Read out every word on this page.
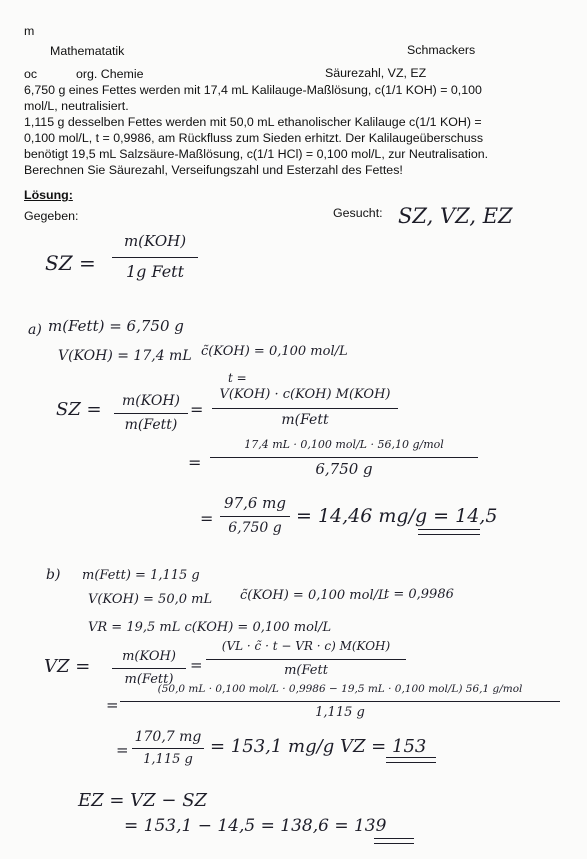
m
Mathematatik	Schmackers
oc	org. Chemie	Säurezahl, VZ, EZ
6,750 g eines Fettes werden mit 17,4 mL Kalilauge-Maßlösung, c(1/1 KOH) = 0,100
mol/L, neutralisiert.
1,115 g desselben Fettes werden mit 50,0 mL ethanolischer Kalilauge c(1/1 KOH) =
0,100 mol/L, t = 0,9986, am Rückfluss zum Sieden erhitzt. Der Kalilaugeüberschuss
benötigt 19,5 mL Salzsäure-Maßlösung, c(1/1 HCl) = 0,100 mol/L, zur Neutralisation.
Berechnen Sie Säurezahl, Verseifungszahl und Esterzahl des Fettes!
Lösung:
Gegeben:	Gesucht: SZ, VZ, EZ
SZ =
m(KOH)
1g Fett
a) m(Fett) = 6,750 g
V(KOH) = 17,4 mL c̃(KOH) = 0,100 mol/L
t =
SZ =	m(KOH)
m(Fett)
=
V(KOH) · c(KOH) M(KOH)
m(Fett
=
17,4 mL · 0,100 mol/L · 56,10 g/mol
6,750 g
=
97,6 mg
6,750 g
= 14,46 mg/g = 14,5
b) m(Fett) = 1,115 g
V(KOH) = 50,0 mL c̃(KOH) = 0,100 mol/L
t = 0,9986
VR = 19,5 mL c(KOH) = 0,100 mol/L
VZ =	m(KOH)
m(Fett)
=
(VL · c̃ · t − VR · c) M(KOH)
m(Fett
=
(50,0 mL · 0,100 mol/L · 0,9986 − 19,5 mL · 0,100 mol/L) 56,1 g/mol
1,115 g
=
170,7 mg
1,115 g
= 153,1 mg/g VZ = 153
EZ = VZ − SZ
= 153,1 − 14,5 = 138,6 = 139
